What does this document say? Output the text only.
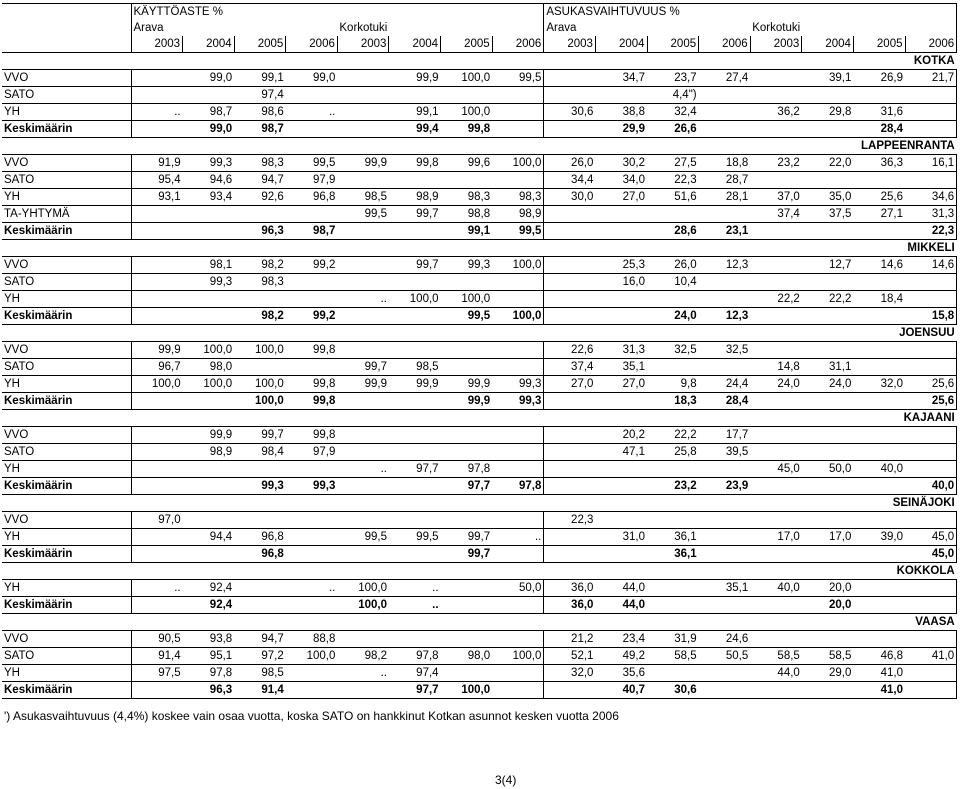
	KÄYTTÖASTE %								ASUKASVAIHTUVUUS %							
	Arava				Korkotuki				Arava				Korkotuki			
	2003	2004	2005	2006	2003	2004	2005	2006	2003	2004	2005	2006	2003	2004	2005	2006
KOTKA																
VVO		99,0	99,1	99,0		99,9	100,0	99,5		34,7	23,7	27,4		39,1	26,9	21,7
SATO			97,4								4,4")					
YH	..	98,7	98,6	..		99,1	100,0		30,6	38,8	32,4		36,2	29,8	31,6	
Keskimäärin		99,0	98,7			99,4	99,8			29,9	26,6				28,4	
LAPPEENRANTA																
VVO	91,9	99,3	98,3	99,5	99,9	99,8	99,6	100,0	26,0	30,2	27,5	18,8	23,2	22,0	36,3	16,1
SATO	95,4	94,6	94,7	97,9					34,4	34,0	22,3	28,7				
YH	93,1	93,4	92,6	96,8	98,5	98,9	98,3	98,3	30,0	27,0	51,6	28,1	37,0	35,0	25,6	34,6
TA-YHTYMÄ					99,5	99,7	98,8	98,9					37,4	37,5	27,1	31,3
Keskimäärin			96,3	98,7			99,1	99,5			28,6	23,1				22,3
MIKKELI																
VVO		98,1	98,2	99,2		99,7	99,3	100,0		25,3	26,0	12,3		12,7	14,6	14,6
SATO		99,3	98,3							16,0	10,4					
YH					..	100,0	100,0						22,2	22,2	18,4	
Keskimäärin			98,2	99,2			99,5	100,0			24,0	12,3				15,8
JOENSUU																
VVO	99,9	100,0	100,0	99,8					22,6	31,3	32,5	32,5				
SATO	96,7	98,0			99,7	98,5			37,4	35,1			14,8	31,1		
YH	100,0	100,0	100,0	99,8	99,9	99,9	99,9	99,3	27,0	27,0	9,8	24,4	24,0	24,0	32,0	25,6
Keskimäärin			100,0	99,8			99,9	99,3			18,3	28,4				25,6
KAJAANI																
VVO		99,9	99,7	99,8						20,2	22,2	17,7				
SATO		98,9	98,4	97,9						47,1	25,8	39,5				
YH					..	97,7	97,8						45,0	50,0	40,0	
Keskimäärin			99,3	99,3			97,7	97,8			23,2	23,9				40,0
SEINÄJOKI																
VVO	97,0								22,3							
YH		94,4	96,8		99,5	99,5	99,7	..		31,0	36,1		17,0	17,0	39,0	45,0
Keskimäärin			96,8				99,7				36,1					45,0
KOKKOLA																
YH	..	92,4		..	100,0	..		50,0	36,0	44,0		35,1	40,0	20,0		
Keskimäärin		92,4			100,0	..			36,0	44,0				20,0		
VAASA																
VVO	90,5	93,8	94,7	88,8					21,2	23,4	31,9	24,6				
SATO	91,4	95,1	97,2	100,0	98,2	97,8	98,0	100,0	52,1	49,2	58,5	50,5	58,5	58,5	46,8	41,0
YH	97,5	97,8	98,5		..	97,4			32,0	35,6			44,0	29,0	41,0	
Keskimäärin		96,3	91,4			97,7	100,0			40,7	30,6				41,0	
') Asukasvaihtuvuus (4,4%) koskee vain osaa vuotta, koska SATO on hankkinut Kotkan asunnot kesken vuotta 2006
3(4)
